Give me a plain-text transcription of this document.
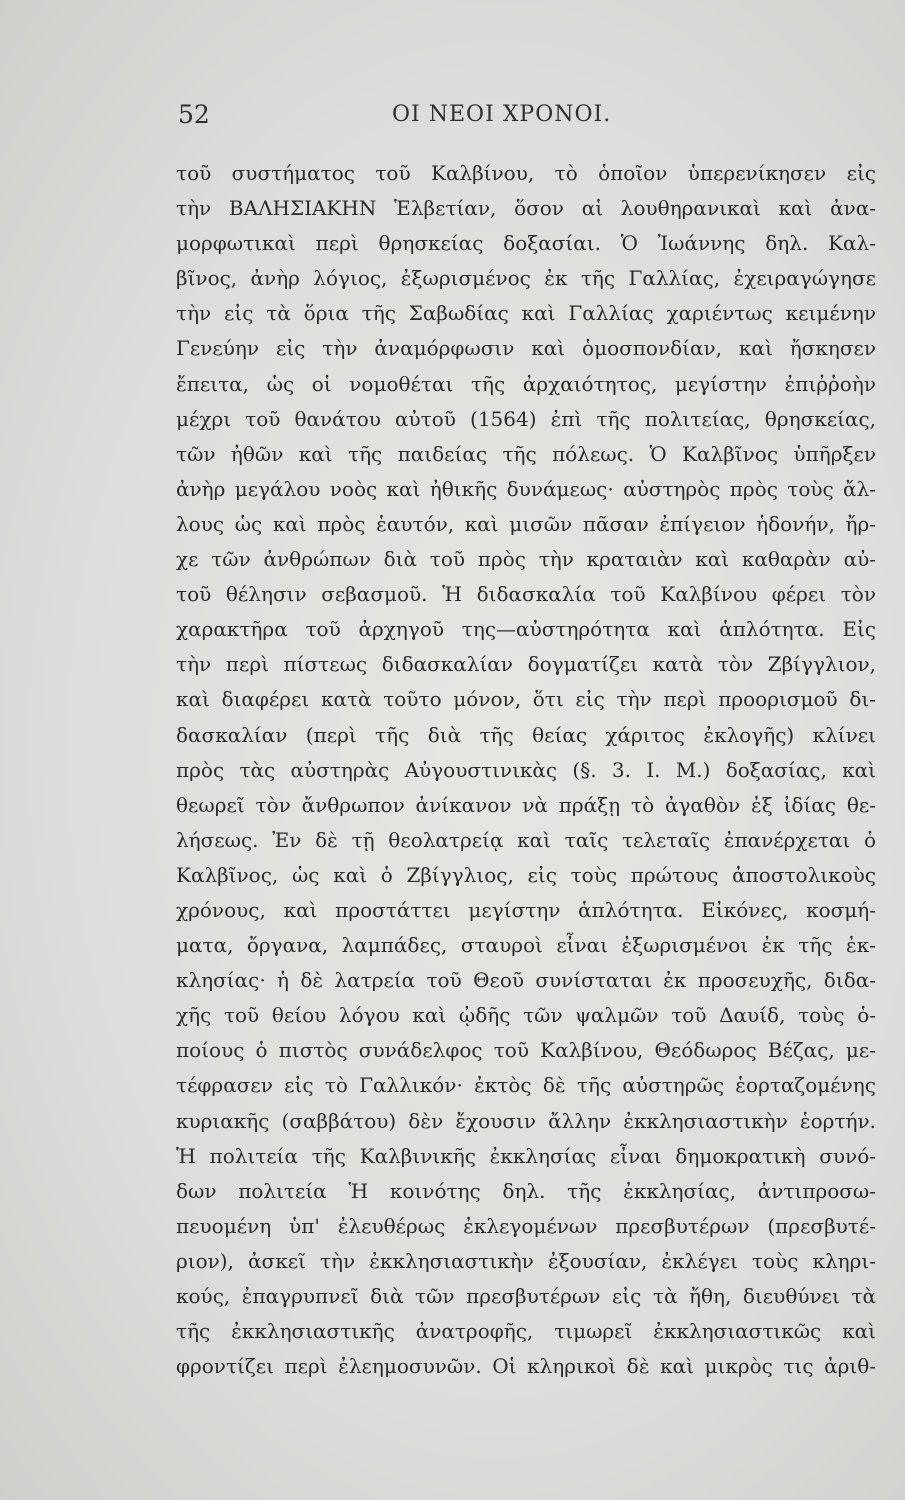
52	ΟΙ ΝΕΟΙ ΧΡΟΝΟΙ.
τοῦ συστήματος τοῦ Καλβίνου, τὸ ὁποῖον ὑπερενίκησεν εἰς
τὴν ΒΑΛΗΣΙΑΚΗΝ Ἑλβετίαν, ὅσον αἱ λουθηρανικαὶ καὶ ἀνα-
μορφωτικαὶ περὶ θρησκείας δοξασίαι. Ὁ Ἰωάννης δηλ. Καλ-
βῖνος, ἀνὴρ λόγιος, ἐξωρισμένος ἐκ τῆς Γαλλίας, ἐχειραγώγησε
τὴν εἰς τὰ ὅρια τῆς Σαβωδίας καὶ Γαλλίας χαριέντως κειμένην
Γενεύην εἰς τὴν ἀναμόρφωσιν καὶ ὁμοσπονδίαν, καὶ ἤσκησεν
ἔπειτα, ὡς οἱ νομοθέται τῆς ἀρχαιότητος, μεγίστην ἐπιῤῥοὴν
μέχρι τοῦ θανάτου αὐτοῦ (1564) ἐπὶ τῆς πολιτείας, θρησκείας,
τῶν ἠθῶν καὶ τῆς παιδείας τῆς πόλεως. Ὁ Καλβῖνος ὑπῆρξεν
ἀνὴρ μεγάλου νοὸς καὶ ἠθικῆς δυνάμεως· αὐστηρὸς πρὸς τοὺς ἄλ-
λους ὡς καὶ πρὸς ἑαυτόν, καὶ μισῶν πᾶσαν ἐπίγειον ἡδονήν, ἤρ-
χε τῶν ἀνθρώπων διὰ τοῦ πρὸς τὴν κραταιὰν καὶ καθαρὰν αὐ-
τοῦ θέλησιν σεβασμοῦ. Ἡ διδασκαλία τοῦ Καλβίνου φέρει τὸν
χαρακτῆρα τοῦ ἀρχηγοῦ της—αὐστηρότητα καὶ ἁπλότητα. Εἰς
τὴν περὶ πίστεως διδασκαλίαν δογματίζει κατὰ τὸν Ζβίγγλιον,
καὶ διαφέρει κατὰ τοῦτο μόνον, ὅτι εἰς τὴν περὶ προορισμοῦ δι-
δασκαλίαν (περὶ τῆς διὰ τῆς θείας χάριτος ἐκλογῆς) κλίνει
πρὸς τὰς αὐστηρὰς Αὐγουστινικὰς (§. 3. I. M.) δοξασίας, καὶ
θεωρεῖ τὸν ἄνθρωπον ἀνίκανον νὰ πράξῃ τὸ ἀγαθὸν ἐξ ἰδίας θε-
λήσεως. Ἐν δὲ τῇ θεολατρείᾳ καὶ ταῖς τελεταῖς ἐπανέρχεται ὁ
Καλβῖνος, ὡς καὶ ὁ Ζβίγγλιος, εἰς τοὺς πρώτους ἀποστολικοὺς
χρόνους, καὶ προστάττει μεγίστην ἁπλότητα. Εἰκόνες, κοσμή-
ματα, ὄργανα, λαμπάδες, σταυροὶ εἶναι ἐξωρισμένοι ἐκ τῆς ἐκ-
κλησίας· ἡ δὲ λατρεία τοῦ Θεοῦ συνίσταται ἐκ προσευχῆς, διδα-
χῆς τοῦ θείου λόγου καὶ ᾠδῆς τῶν ψαλμῶν τοῦ Δαυίδ, τοὺς ὁ-
ποίους ὁ πιστὸς συνάδελφος τοῦ Καλβίνου, Θεόδωρος Βέζας, με-
τέφρασεν εἰς τὸ Γαλλικόν· ἐκτὸς δὲ τῆς αὐστηρῶς ἑορταζομένης
κυριακῆς (σαββάτου) δὲν ἔχουσιν ἄλλην ἐκκλησιαστικὴν ἑορτήν.
Ἡ πολιτεία τῆς Καλβινικῆς ἐκκλησίας εἶναι δημοκρατικὴ συνό-
δων πολιτεία Ἡ κοινότης δηλ. τῆς ἐκκλησίας, ἀντιπροσω-
πευομένη ὑπ' ἐλευθέρως ἐκλεγομένων πρεσβυτέρων (πρεσβυτέ-
ριον), ἀσκεῖ τὴν ἐκκλησιαστικὴν ἐξουσίαν, ἐκλέγει τοὺς κληρι-
κούς, ἐπαγρυπνεῖ διὰ τῶν πρεσβυτέρων εἰς τὰ ἤθη, διευθύνει τὰ
τῆς ἐκκλησιαστικῆς ἀνατροφῆς, τιμωρεῖ ἐκκλησιαστικῶς καὶ
φροντίζει περὶ ἐλεημοσυνῶν. Οἱ κληρικοὶ δὲ καὶ μικρὸς τις ἀριθ-
